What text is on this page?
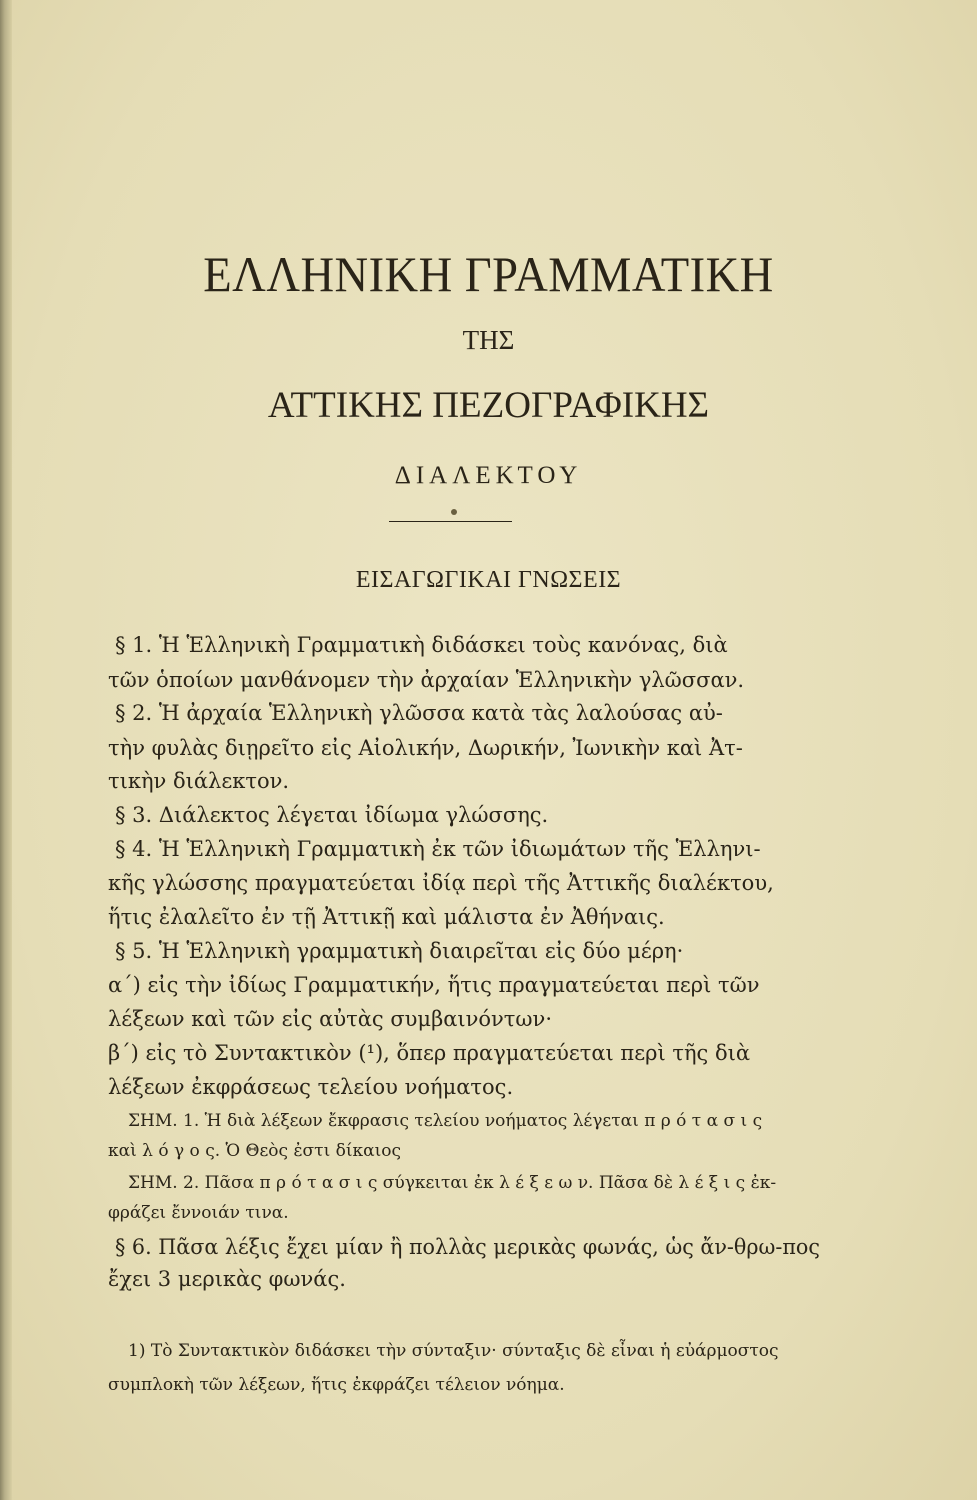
ΕΛΛΗΝΙΚΗ ΓΡΑΜΜΑΤΙΚΗ
ΤΗΣ
ΑΤΤΙΚΗΣ ΠΕΖΟΓΡΑΦΙΚΗΣ
ΔΙΑΛΕΚΤΟΥ
ΕΙΣΑΓΩΓΙΚΑΙ ΓΝΩΣΕΙΣ
§ 1. Ἡ Ἑλληνικὴ Γραμματικὴ διδάσκει τοὺς κανόνας, διὰ
τῶν ὁποίων μανθάνομεν τὴν ἀρχαίαν Ἑλληνικὴν γλῶσσαν.
§ 2. Ἡ ἀρχαία Ἑλληνικὴ γλῶσσα κατὰ τὰς λαλούσας αὐ-
τὴν φυλὰς διῃρεῖτο εἰς Αἰολικήν, Δωρικήν, Ἰωνικὴν καὶ Ἀτ-
τικὴν διάλεκτον.
§ 3. Διάλεκτος λέγεται ἰδίωμα γλώσσης.
§ 4. Ἡ Ἑλληνικὴ Γραμματικὴ ἐκ τῶν ἰδιωμάτων τῆς Ἑλληνι-
κῆς γλώσσης πραγματεύεται ἰδίᾳ περὶ τῆς Ἀττικῆς διαλέκτου,
ἥτις ἐλαλεῖτο ἐν τῇ Ἀττικῇ καὶ μάλιστα ἐν Ἀθήναις.
§ 5. Ἡ Ἑλληνικὴ γραμματικὴ διαιρεῖται εἰς δύο μέρη·
α΄) εἰς τὴν ἰδίως Γραμματικήν, ἥτις πραγματεύεται περὶ τῶν
λέξεων καὶ τῶν εἰς αὐτὰς συμβαινόντων·
β΄) εἰς τὸ Συντακτικὸν (¹), ὅπερ πραγματεύεται περὶ τῆς διὰ
λέξεων ἐκφράσεως τελείου νοήματος.
ΣΗΜ. 1. Ἡ διὰ λέξεων ἔκφρασις τελείου νοήματος λέγεται π ρ ό τ α σ ι ς
καὶ λ ό γ ο ς. Ὁ Θεὸς ἐστι δίκαιος
ΣΗΜ. 2. Πᾶσα π ρ ό τ α σ ι ς σύγκειται ἐκ λ έ ξ ε ω ν. Πᾶσα δὲ λ έ ξ ι ς ἐκ-
φράζει ἔννοιάν τινα.
§ 6. Πᾶσα λέξις ἔχει μίαν ἢ πολλὰς μερικὰς φωνάς, ὡς ἄν-θρω-πος
ἔχει 3 μερικὰς φωνάς.
1) Τὸ Συντακτικὸν διδάσκει τὴν σύνταξιν· σύνταξις δὲ εἶναι ἡ εὐάρμοστος
συμπλοκὴ τῶν λέξεων, ἥτις ἐκφράζει τέλειον νόημα.
